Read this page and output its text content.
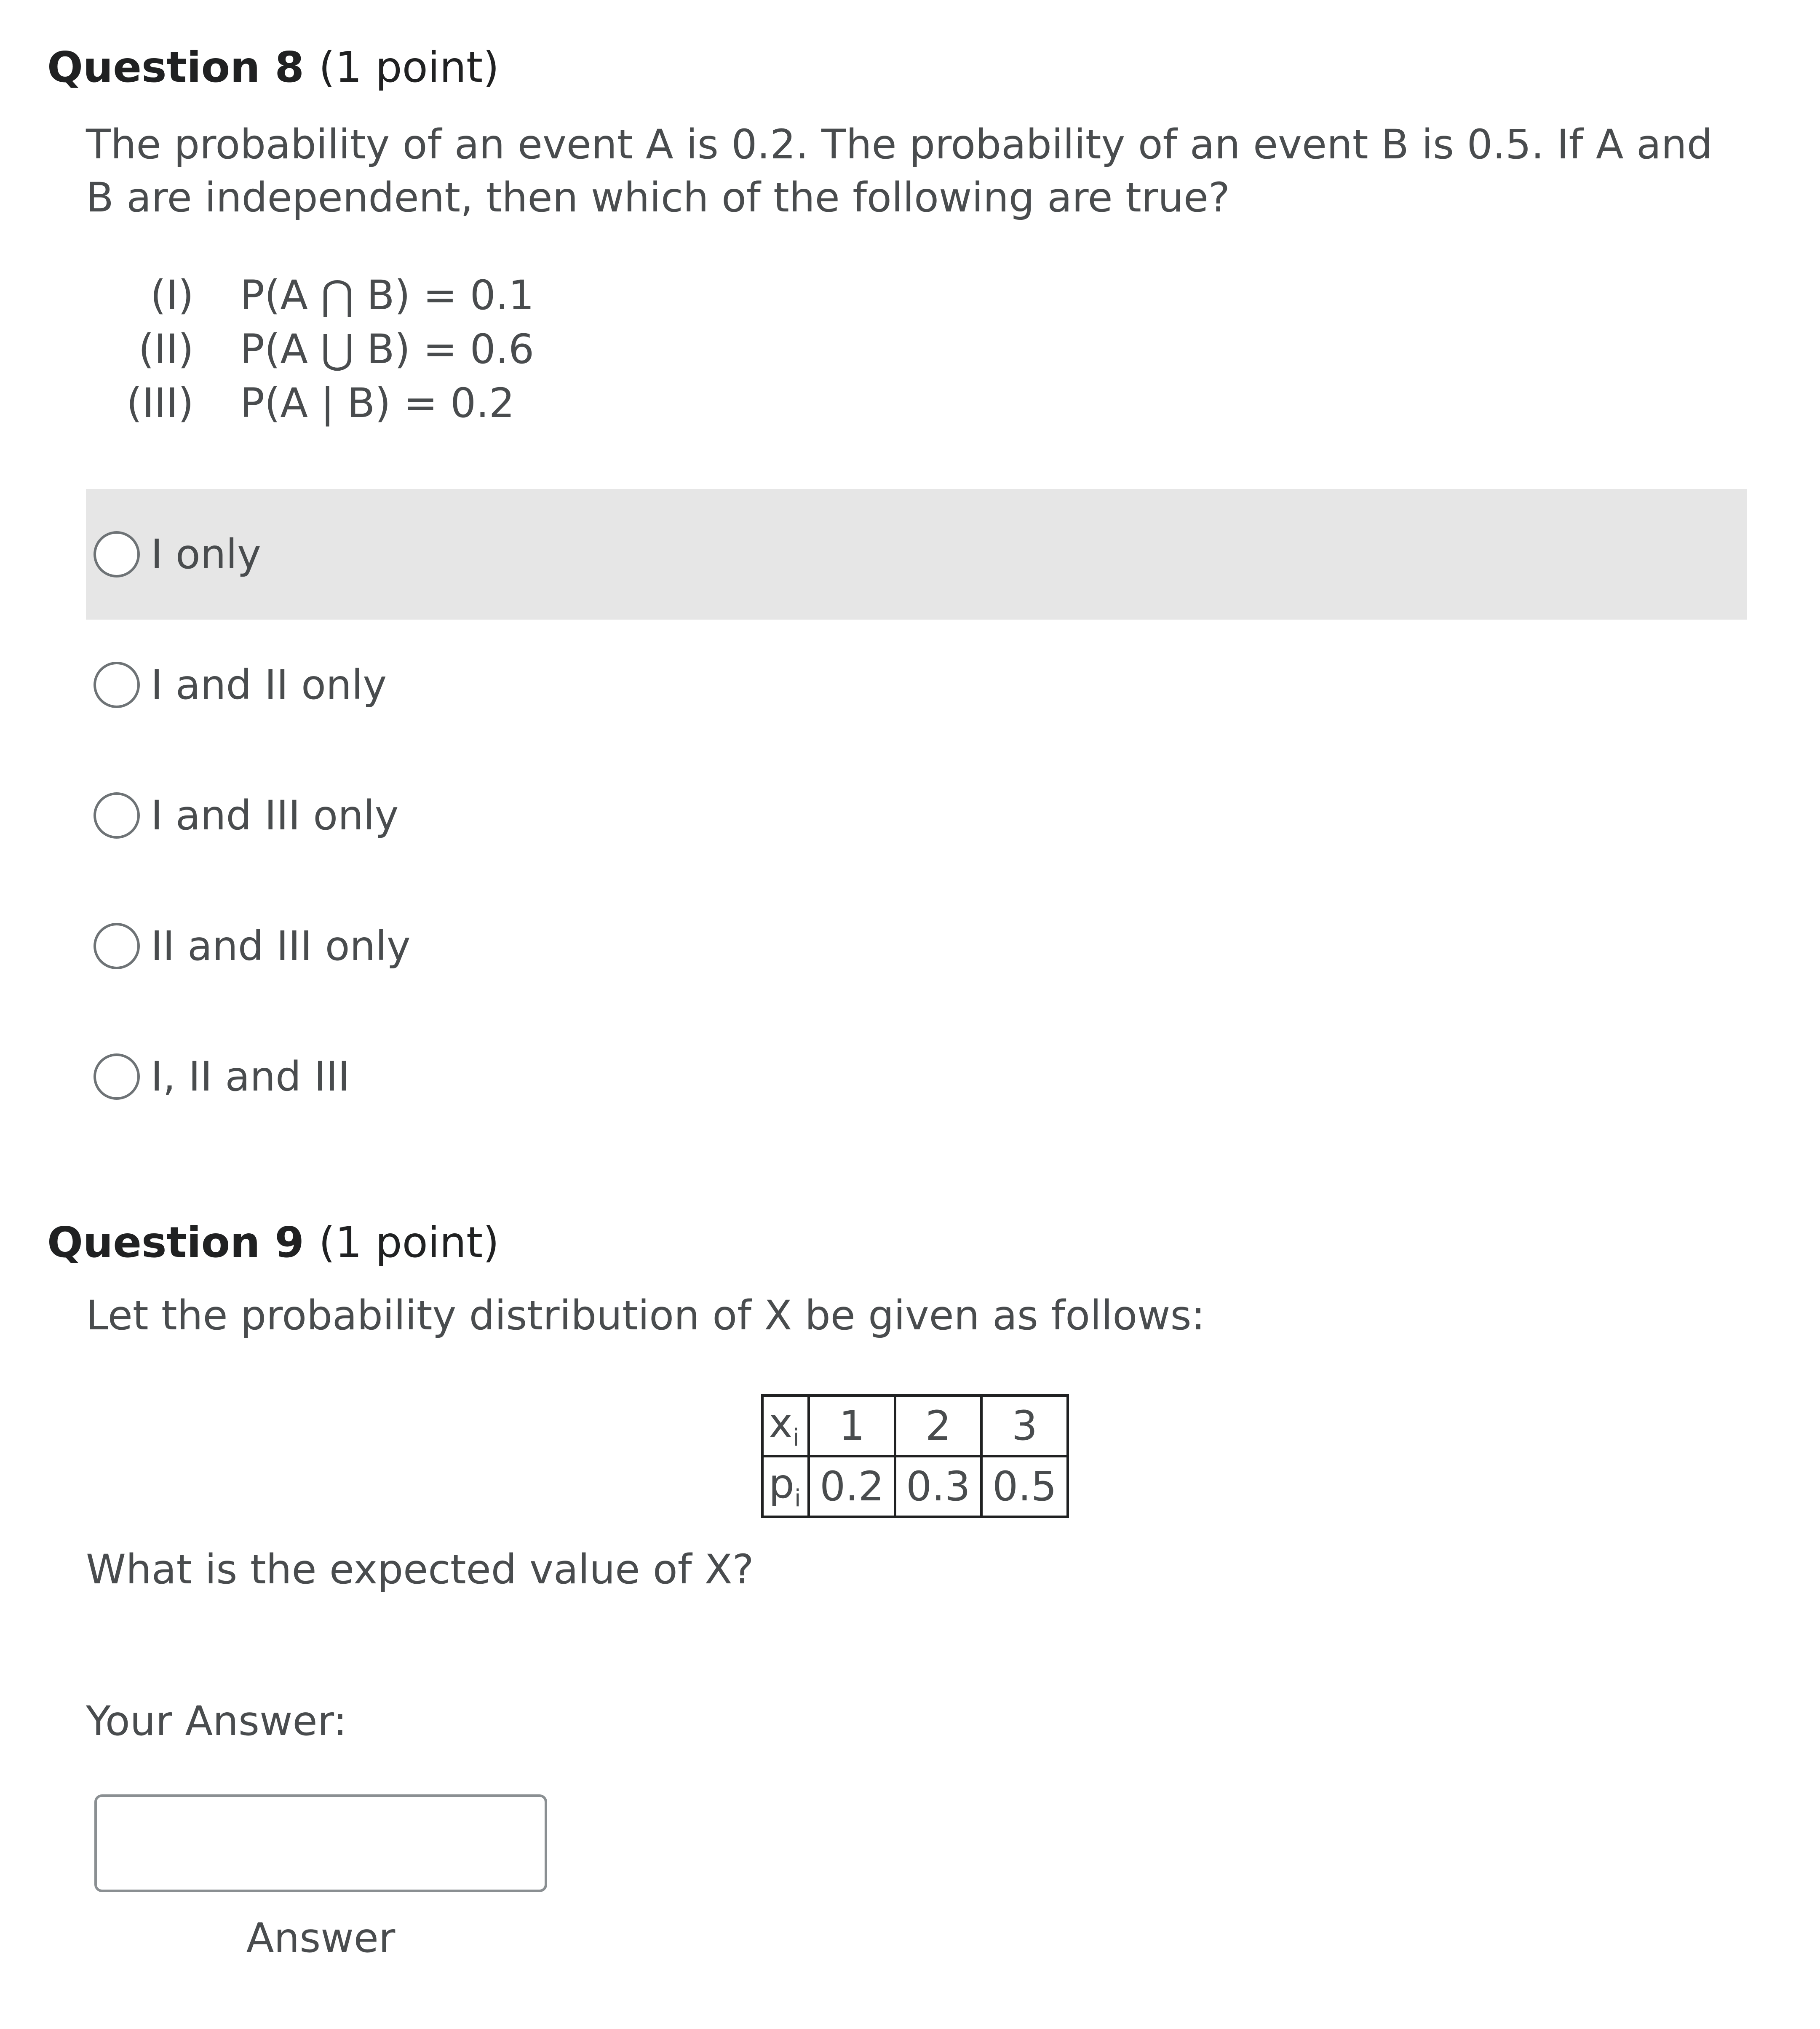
Question 8 (1 point)

The probability of an event A is 0.2. The probability of an event B is 0.5. If A and B are independent, then which of the following are true?

(I)	P(A ⋂ B) = 0.1
(II)	P(A ⋃ B) = 0.6
(III)	P(A | B) = 0.2
I only
I and II only
I and III only
II and III only
I, II and III
Question 9 (1 point)

Let the probability distribution of X be given as follows:

$x_i$	1	2	3
$p_i$	0.2	0.3	0.5
What is the expected value of X?
Your Answer:
Answer
